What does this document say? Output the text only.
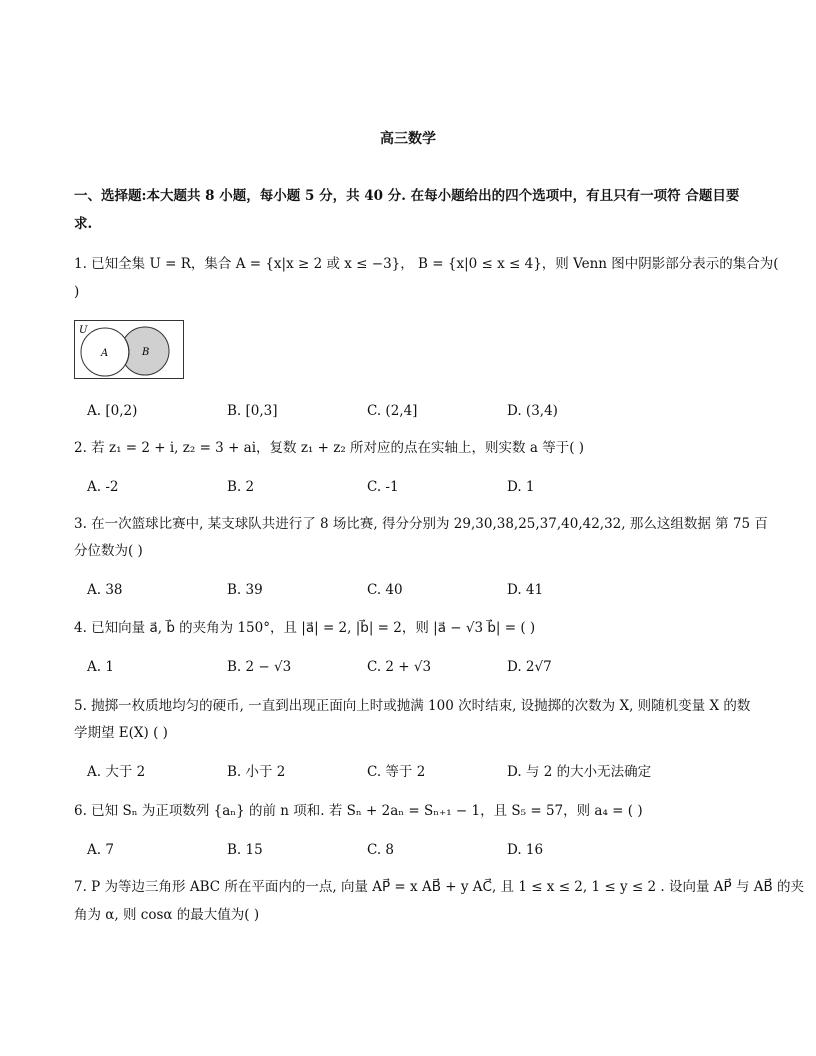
高三数学
一、选择题:本大题共 8 小题，每小题 5 分，共 40 分. 在每小题给出的四个选项中，有且只有一项符 合题目要
求.
1. 已知全集 U = R，集合 A = {x|x ≥ 2 或 x ≤ −3}， B = {x|0 ≤ x ≤ 4}，则 Venn 图中阴影部分表示的集合为(
)
U
A	B
A. [0,2)	B. [0,3]	C. (2,4]	D. (3,4)
2. 若 z₁ = 2 + i, z₂ = 3 + ai，复数 z₁ + z₂ 所对应的点在实轴上，则实数 a 等于( )
A. -2	B. 2	C. -1	D. 1
3. 在一次篮球比赛中, 某支球队共进行了 8 场比赛, 得分分别为 29,30,38,25,37,40,42,32, 那么这组数据 第 75 百
分位数为( )
A. 38	B. 39	C. 40	D. 41
4. 已知向量 a⃗, b⃗ 的夹角为 150°，且 |a⃗| = 2, |b⃗| = 2，则 |a⃗ − √3 b⃗| = ( )
A. 1	B. 2 − √3	C. 2 + √3	D. 2√7
5. 抛掷一枚质地均匀的硬币, 一直到出现正面向上时或抛满 100 次时结束, 设抛掷的次数为 X, 则随机变量 X 的数
学期望 E(X) ( )
A. 大于 2	B. 小于 2	C. 等于 2	D. 与 2 的大小无法确定
6. 已知 Sₙ 为正项数列 {aₙ} 的前 n 项和. 若 Sₙ + 2aₙ = Sₙ₊₁ − 1，且 S₅ = 57，则 a₄ = ( )
A. 7	B. 15	C. 8	D. 16
7. P 为等边三角形 ABC 所在平面内的一点, 向量 AP⃗ = x AB⃗ + y AC⃗, 且 1 ≤ x ≤ 2, 1 ≤ y ≤ 2 . 设向量 AP⃗ 与 AB⃗ 的夹
角为 α, 则 cosα 的最大值为( )
